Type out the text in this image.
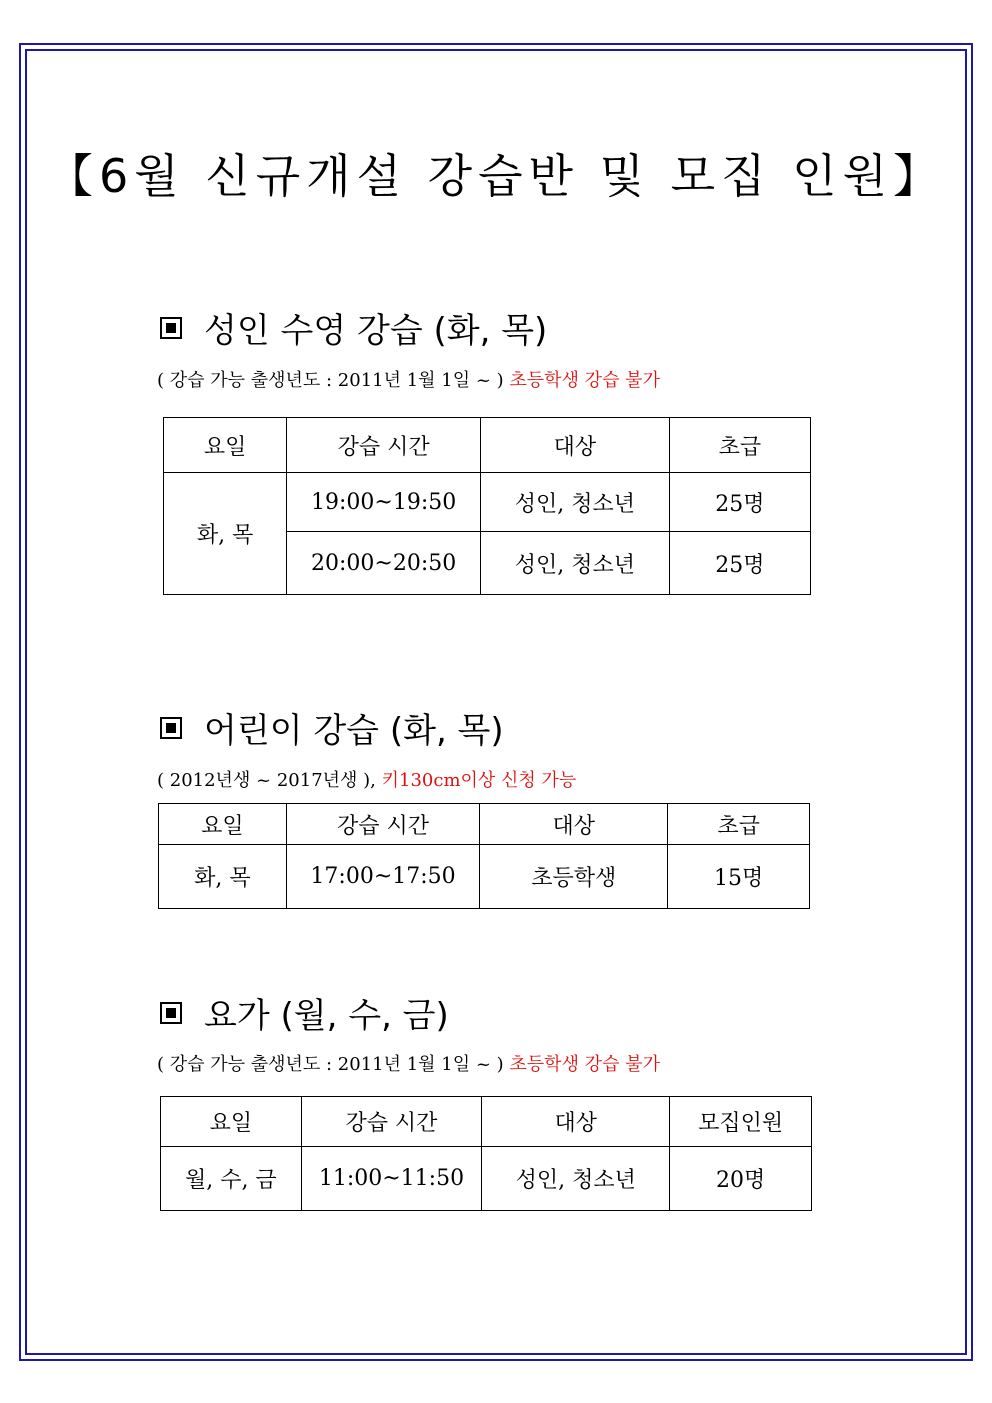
【6월 신규개설 강습반 및 모집 인원】
성인 수영 강습 (화, 목)
( 강습 가능 출생년도 : 2011년 1월 1일 ~ ) 초등학생 강습 불가
요일	강습 시간	대상	초급
화, 목	19:00~19:50	성인, 청소년	25명
	20:00~20:50	성인, 청소년	25명
어린이 강습 (화, 목)
( 2012년생 ~ 2017년생 ), 키130cm이상 신청 가능
요일	강습 시간	대상	초급
화, 목	17:00~17:50	초등학생	15명
요가 (월, 수, 금)
( 강습 가능 출생년도 : 2011년 1월 1일 ~ ) 초등학생 강습 불가
요일	강습 시간	대상	모집인원
월, 수, 금	11:00~11:50	성인, 청소년	20명
